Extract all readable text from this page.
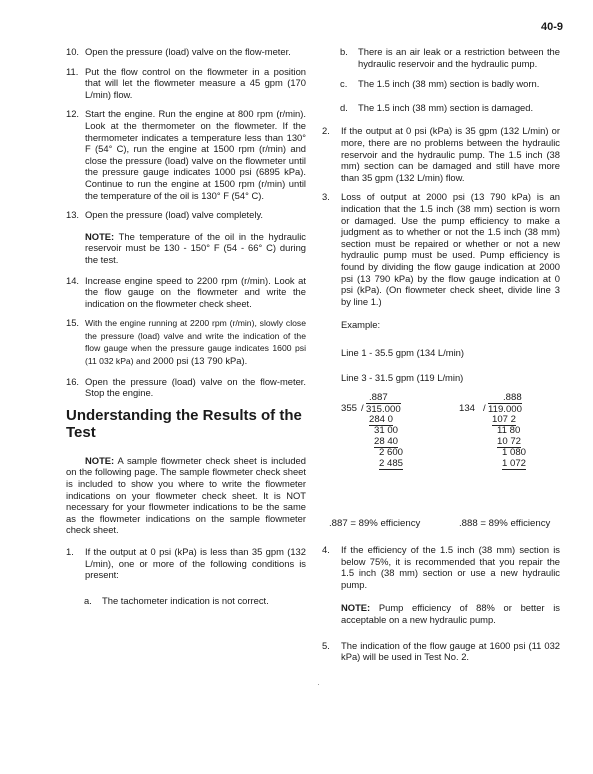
40-9
10. Open the pressure (load) valve on the flow-meter.
11. Put the flow control on the flowmeter in a position that will let the flowmeter measure a 45 gpm (170 L/min) flow.
12. Start the engine. Run the engine at 800 rpm (r/min). Look at the thermometer on the flowmeter. If the thermometer indicates a temperature less than 130° F (54° C), run the engine at 1500 rpm (r/min) and close the pressure (load) valve on the flowmeter until the pressure gauge indicates 1000 psi (6895 kPa). Continue to run the engine at 1500 rpm (r/min) until the temperature of the oil is 130° F (54° C).
13. Open the pressure (load) valve completely.
NOTE: The temperature of the oil in the hydraulic reservoir must be 130 - 150° F (54 - 66° C) during the test.
14. Increase engine speed to 2200 rpm (r/min). Look at the flow gauge on the flowmeter and write the indication on the flowmeter check sheet.
15. With the engine running at 2200 rpm (r/min), slowly close the pressure (load) valve and write the indication of the flow gauge when the pressure gauge indicates 1600 psi (11 032 kPa) and 2000 psi (13 790 kPa).
16. Open the pressure (load) valve on the flow-meter. Stop the engine.
Understanding the Results of the Test
NOTE: A sample flowmeter check sheet is included on the following page. The sample flowmeter check sheet is included to show you where to write the flowmeter indications on your flowmeter check sheet. It is NOT necessary for your flowmeter indications to be the same as the flowmeter indications on the sample flowmeter check sheet.
1. If the output at 0 psi (kPa) is less than 35 gpm (132 L/min), one or more of the following conditions is present:
a. The tachometer indication is not correct.
b. There is an air leak or a restriction between the hydraulic reservoir and the hydraulic pump.
c. The 1.5 inch (38 mm) section is badly worn.
d. The 1.5 inch (38 mm) section is damaged.
2. If the output at 0 psi (kPa) is 35 gpm (132 L/min) or more, there are no problems between the hydraulic reservoir and the hydraulic pump. The 1.5 inch (38 mm) section can be damaged and still have more than 35 gpm (132 L/min) flow.
3. Loss of output at 2000 psi (13 790 kPa) is an indication that the 1.5 inch (38 mm) section is worn or damaged. Use the pump efficiency to make a judgment as to whether or not the 1.5 inch (38 mm) section must be repaired or whether or not a new hydraulic pump must be used. Pump efficiency is found by dividing the flow gauge indication at 2000 psi (13 790 kPa) by the flow gauge indication at 0 psi (kPa). (On flowmeter check sheet, divide line 3 by line 1.)
Example:
Line 1 - 35.5 gpm (134 L/min)
Line 3 - 31.5 gpm (119 L/min)
.887
355 / 315.000
284 0
31 00
28 40
2 600
2 485
.888
134 / 119.000
107 2
11 80
10 72
1 080
1 072
.887 = 89% efficiency	.888 = 89% efficiency
4. If the efficiency of the 1.5 inch (38 mm) section is below 75%, it is recommended that you repair the 1.5 inch (38 mm) section or use a new hydraulic pump.
NOTE: Pump efficiency of 88% or better is acceptable on a new hydraulic pump.
5. The indication of the flow gauge at 1600 psi (11 032 kPa) will be used in Test No. 2.
